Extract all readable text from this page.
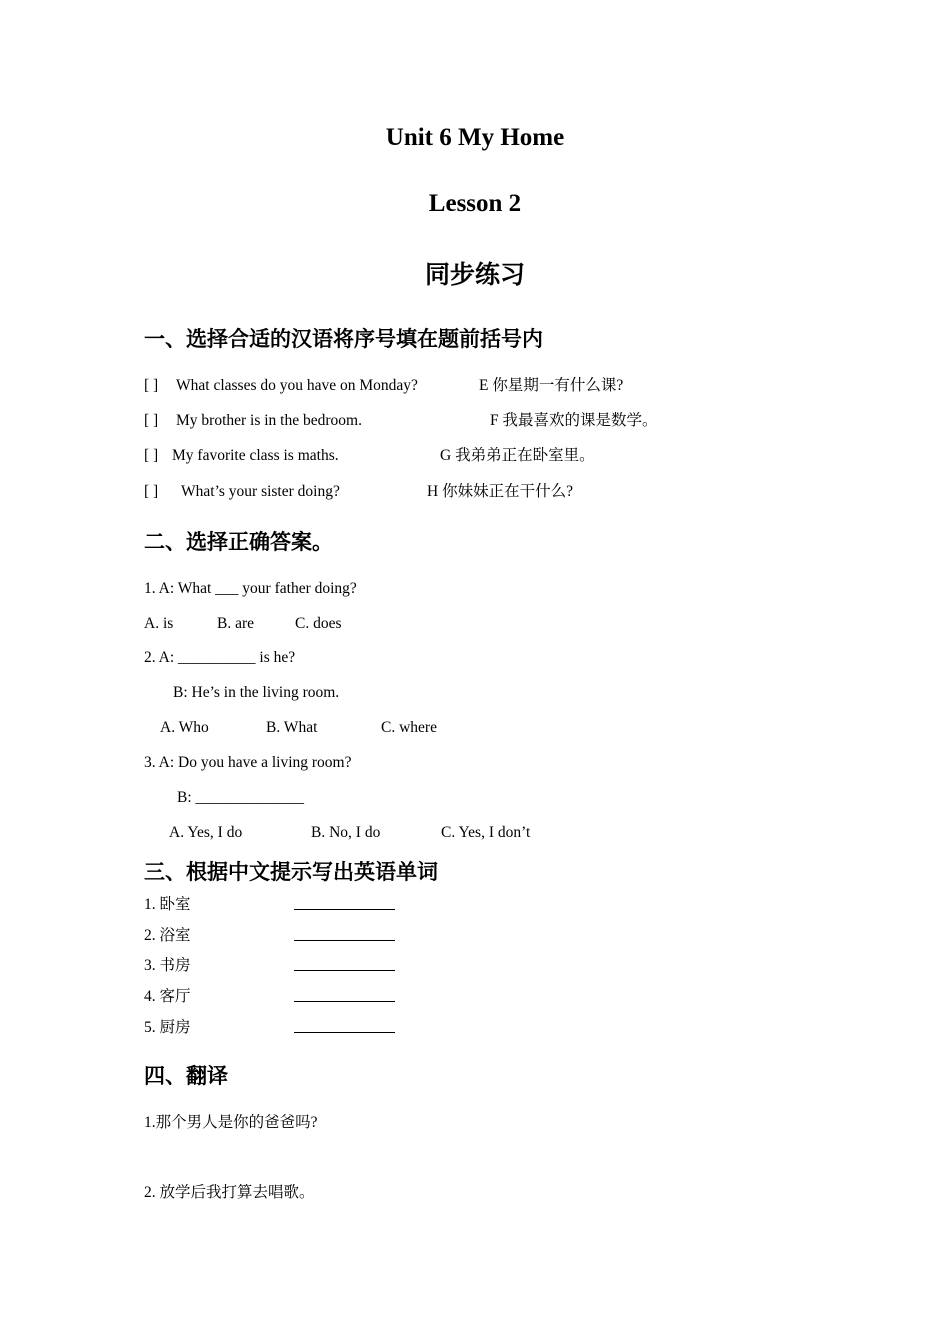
Unit 6 My Home
Lesson 2
同步练习
一、选择合适的汉语将序号填在题前括号内
[ ] What classes do you have on Monday?	E 你星期一有什么课?
[ ] My brother is in the bedroom.	F 我最喜欢的课是数学。
[ ] My favorite class is maths.	G 我弟弟正在卧室里。
[ ] What’s your sister doing?	H 你妹妹正在干什么?
二、选择正确答案。
1. A: What ___ your father doing?
A. is	B. are	C. does
2. A: __________ is he?
B: He’s in the living room.
A. Who	B. What	C. where
3. A: Do you have a living room?
B: ______________
A. Yes, I do	B. No, I do	C. Yes, I don’t
三、根据中文提示写出英语单词
1. 卧室
2. 浴室
3. 书房
4. 客厅
5. 厨房
四、翻译
1.那个男人是你的爸爸吗?
2. 放学后我打算去唱歌。
